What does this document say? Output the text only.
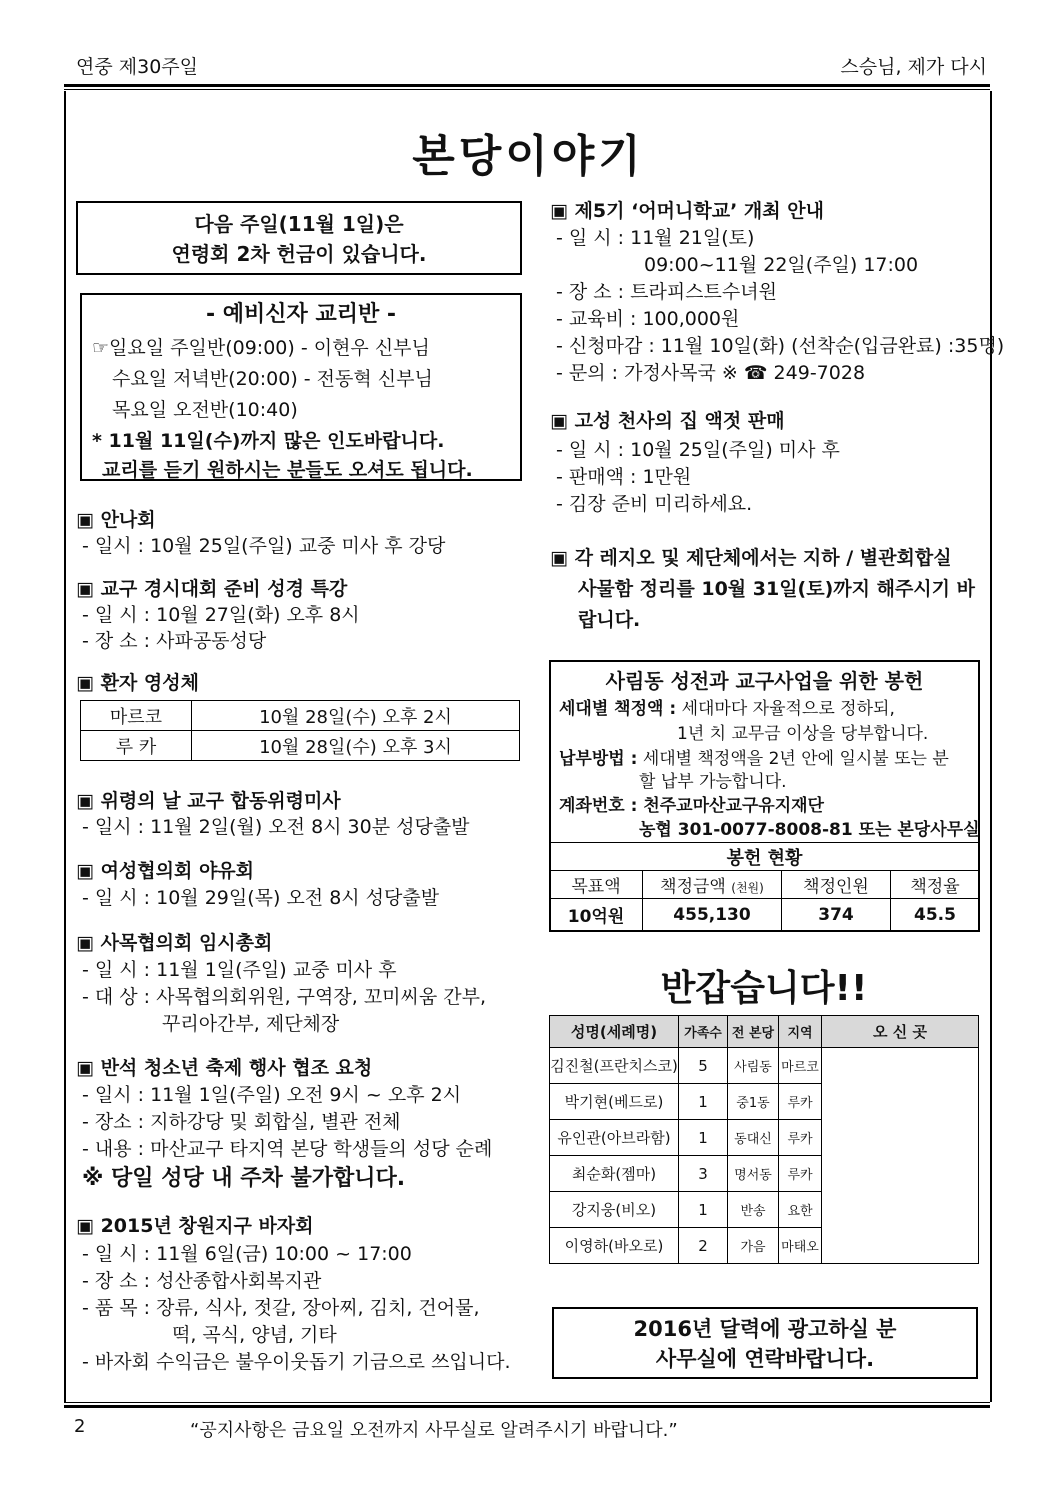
연중 제30주일	스승님, 제가 다시
본당이야기
다음 주일(11월 1일)은
연령회 2차 헌금이 있습니다.
- 예비신자 교리반 -
☞일요일 주일반(09:00) - 이현우 신부님
수요일 저녁반(20:00) - 전동혁 신부님
목요일 오전반(10:40)
* 11월 11일(수)까지 많은 인도바랍니다.
교리를 듣기 원하시는 분들도 오셔도 됩니다.
▣ 안나회
- 일시 : 10월 25일(주일) 교중 미사 후 강당
▣ 교구 경시대회 준비 성경 특강
- 일 시 : 10월 27일(화) 오후 8시
- 장 소 : 사파공동성당
▣ 환자 영성체
마르코	10월 28일(수) 오후 2시
루 카	10월 28일(수) 오후 3시
▣ 위령의 날 교구 합동위령미사
- 일시 : 11월 2일(월) 오전 8시 30분 성당출발
▣ 여성협의회 야유회
- 일 시 : 10월 29일(목) 오전 8시 성당출발
▣ 사목협의회 임시총회
- 일 시 : 11월 1일(주일) 교중 미사 후
- 대 상 : 사목협의회위원, 구역장, 꼬미씨움 간부,
꾸리아간부, 제단체장
▣ 반석 청소년 축제 행사 협조 요청
- 일시 : 11월 1일(주일) 오전 9시 ~ 오후 2시
- 장소 : 지하강당 및 회합실, 별관 전체
- 내용 : 마산교구 타지역 본당 학생들의 성당 순례
※ 당일 성당 내 주차 불가합니다.
▣ 2015년 창원지구 바자회
- 일 시 : 11월 6일(금) 10:00 ~ 17:00
- 장 소 : 성산종합사회복지관
- 품 목 : 장류, 식사, 젓갈, 장아찌, 김치, 건어물,
떡, 곡식, 양념, 기타
- 바자회 수익금은 불우이웃돕기 기금으로 쓰입니다.
▣ 제5기 ‘어머니학교’ 개최 안내
- 일 시 : 11월 21일(토)
09:00~11월 22일(주일) 17:00
- 장 소 : 트라피스트수녀원
- 교육비 : 100,000원
- 신청마감 : 11월 10일(화) (선착순(입금완료) :35명)
- 문의 : 가정사목국 ※ ☎ 249-7028
▣ 고성 천사의 집 액젓 판매
- 일 시 : 10월 25일(주일) 미사 후
- 판매액 : 1만원
- 김장 준비 미리하세요.
▣ 각 레지오 및 제단체에서는 지하 / 별관회합실
사물함 정리를 10월 31일(토)까지 해주시기 바
랍니다.
사림동 성전과 교구사업을 위한 봉헌
세대별 책정액 : 세대마다 자율적으로 정하되,
1년 치 교무금 이상을 당부합니다.
납부방법 : 세대별 책정액을 2년 안에 일시불 또는 분
할 납부 가능합니다.
계좌번호 : 천주교마산교구유지재단
농협 301-0077-8008-81 또는 본당사무실
봉헌 현황			
목표액	책정금액 (천원)	책정인원	책정율
10억원	455,130	374	45.5
반갑습니다!!
성명(세례명)	가족수	전 본당	지역	오 신 곳
김진철(프란치스코)	5	사림동	마르코	
박기현(베드로)	1	중1동	루카	
유인관(아브라함)	1	동대신	루카	
최순화(젬마)	3	명서동	루카	
강지웅(비오)	1	반송	요한	
이영하(바오로)	2	가음	마태오	
2016년 달력에 광고하실 분
사무실에 연락바랍니다.
2	“공지사항은 금요일 오전까지 사무실로 알려주시기 바랍니다.”
